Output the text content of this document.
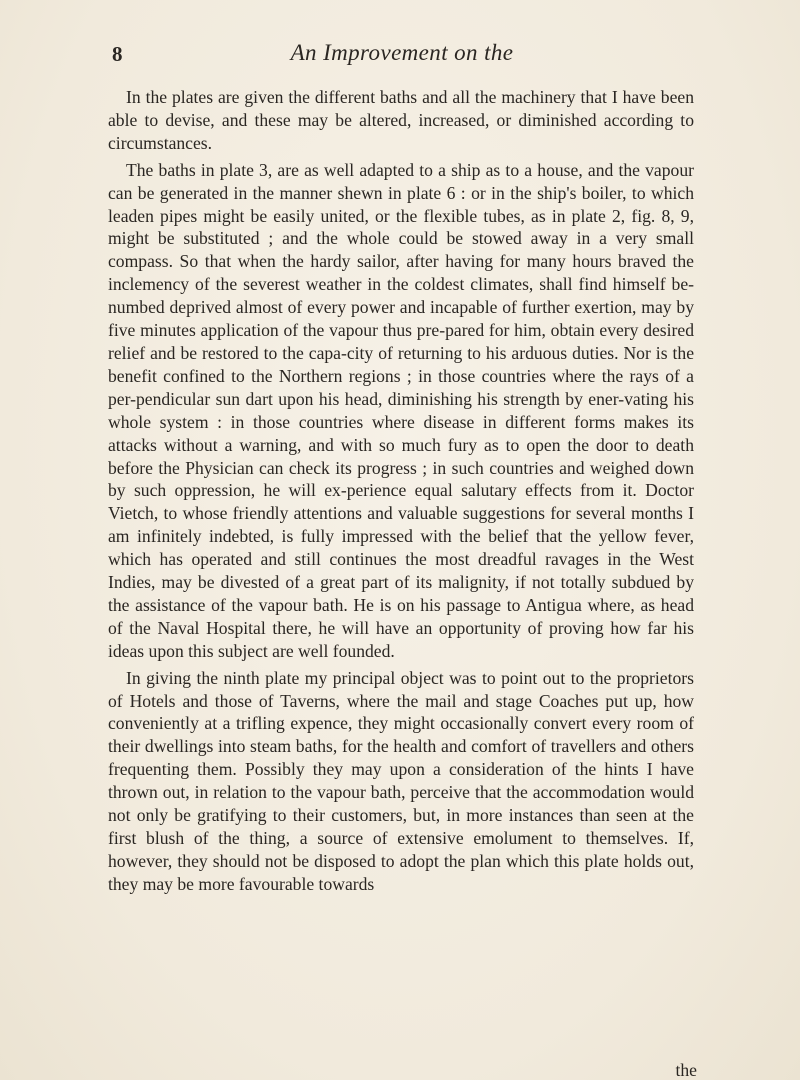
8	An Improvement on the

In the plates are given the different baths and all the machinery that I have been able to devise, and these may be altered, increased, or diminished according to circumstances.

The baths in plate 3, are as well adapted to a ship as to a house, and the vapour can be generated in the manner shewn in plate 6 : or in the ship's boiler, to which leaden pipes might be easily united, or the flexible tubes, as in plate 2, fig. 8, 9, might be substituted ; and the whole could be stowed away in a very small compass. So that when the hardy sailor, after having for many hours braved the inclemency of the severest weather in the coldest climates, shall find himself be-numbed deprived almost of every power and incapable of further exertion, may by five minutes application of the vapour thus pre-pared for him, obtain every desired relief and be restored to the capa-city of returning to his arduous duties. Nor is the benefit confined to the Northern regions ; in those countries where the rays of a per-pendicular sun dart upon his head, diminishing his strength by ener-vating his whole system : in those countries where disease in different forms makes its attacks without a warning, and with so much fury as to open the door to death before the Physician can check its progress ; in such countries and weighed down by such oppression, he will ex-perience equal salutary effects from it. Doctor Vietch, to whose friendly attentions and valuable suggestions for several months I am infinitely indebted, is fully impressed with the belief that the yellow fever, which has operated and still continues the most dreadful ravages in the West Indies, may be divested of a great part of its malignity, if not totally subdued by the assistance of the vapour bath. He is on his passage to Antigua where, as head of the Naval Hospital there, he will have an opportunity of proving how far his ideas upon this subject are well founded.

In giving the ninth plate my principal object was to point out to the proprietors of Hotels and those of Taverns, where the mail and stage Coaches put up, how conveniently at a trifling expence, they might occasionally convert every room of their dwellings into steam baths, for the health and comfort of travellers and others frequenting them. Possibly they may upon a consideration of the hints I have thrown out, in relation to the vapour bath, perceive that the accommodation would not only be gratifying to their customers, but, in more instances than seen at the first blush of the thing, a source of extensive emolument to themselves. If, however, they should not be disposed to adopt the plan which this plate holds out, they may be more favourable towards

the
